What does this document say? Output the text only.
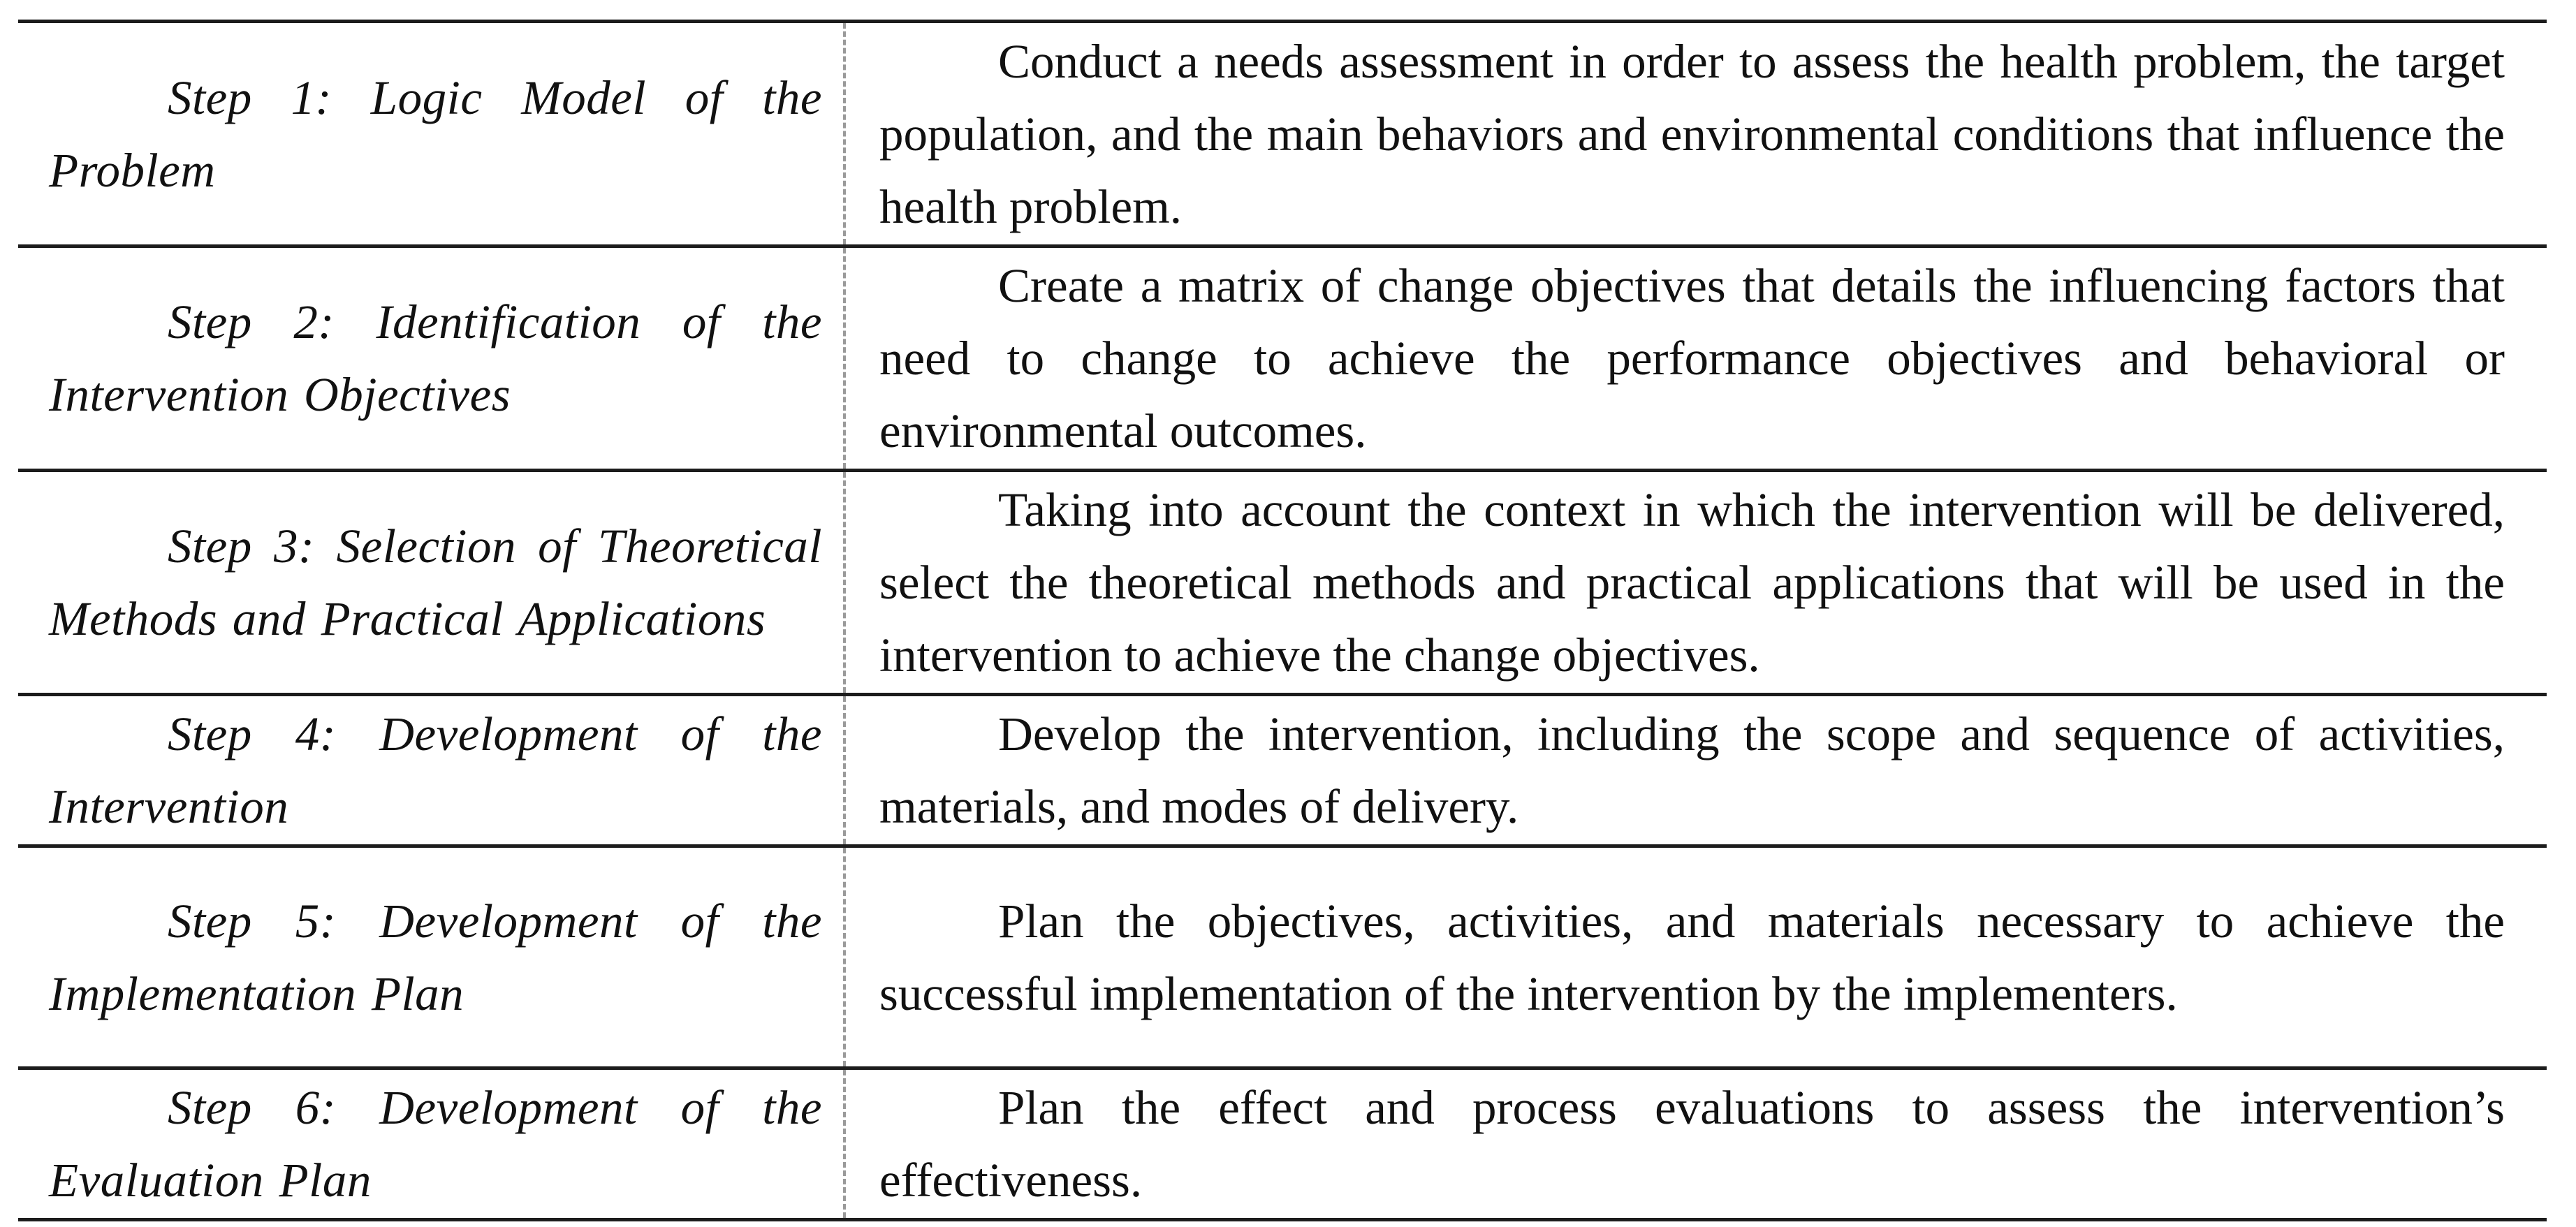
Step 1: Logic Model of the Problem	Conduct a needs assessment in order to assess the health problem, the target population, and the main behaviors and environmental conditions that influence the health problem.
Step 2: Identification of the Intervention Objectives	Create a matrix of change objectives that details the influencing factors that need to change to achieve the performance objectives and behavioral or environmental outcomes.
Step 3: Selection of Theoretical Methods and Practical Applications	Taking into account the context in which the intervention will be delivered, select the theoretical methods and practical applications that will be used in the intervention to achieve the change objectives.
Step 4: Development of the Intervention	Develop the intervention, including the scope and sequence of activities, materials, and modes of delivery.
Step 5: Development of the Implementation Plan	Plan the objectives, activities, and materials necessary to achieve the successful implementation of the intervention by the implementers.
Step 6: Development of the Evaluation Plan	Plan the effect and process evaluations to assess the intervention’s effectiveness.
